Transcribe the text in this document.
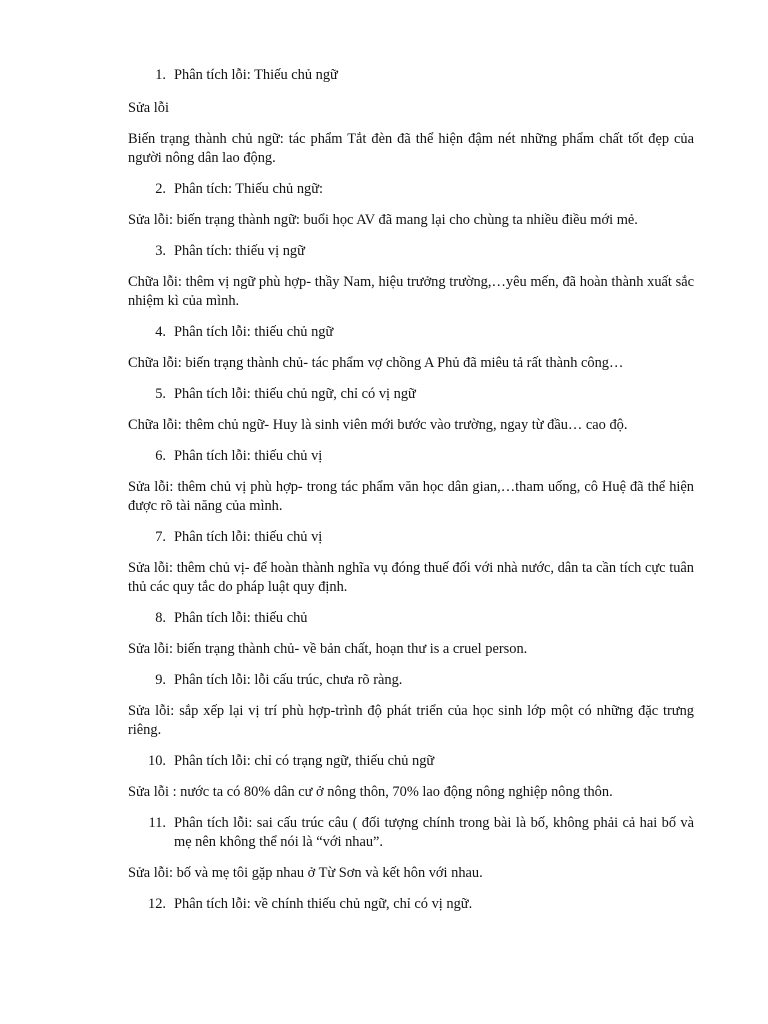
1. Phân tích lỗi: Thiếu chủ ngữ

Sửa lỗi

Biến trạng thành chủ ngữ: tác phẩm Tắt đèn đã thể hiện đậm nét những phẩm chất tốt đẹp của người nông dân lao động.

2. Phân tích: Thiếu chủ ngữ:

Sửa lỗi: biến trạng thành ngữ: buổi học AV đã mang lại cho chùng ta nhiều điều mới mẻ.

3. Phân tích: thiếu vị ngữ

Chữa lỗi: thêm vị ngữ phù hợp- thầy Nam, hiệu trưởng trường,…yêu mến, đã hoàn thành xuất sắc nhiệm kì của mình.

4. Phân tích lỗi: thiếu chủ ngữ

Chữa lỗi: biến trạng thành chủ- tác phẩm vợ chồng A Phủ đã miêu tả rất thành công…

5. Phân tích lỗi: thiếu chủ ngữ, chỉ có vị ngữ

Chữa lỗi: thêm chủ ngữ- Huy là sinh viên mới bước vào trường, ngay từ đầu… cao độ.

6. Phân tích lỗi: thiếu chủ vị

Sửa lỗi: thêm chủ vị phù hợp- trong tác phẩm văn học dân gian,…tham uống, cô Huệ đã thể hiện được rõ tài năng của mình.

7. Phân tích lỗi: thiếu chủ vị

Sửa lỗi: thêm chủ vị- để hoàn thành nghĩa vụ đóng thuế đối với nhà nước, dân ta cần tích cực tuân thủ các quy tắc do pháp luật quy định.

8. Phân tích lỗi: thiếu chủ

Sửa lỗi: biến trạng thành chủ- về bản chất, hoạn thư is a cruel person.

9. Phân tích lỗi: lỗi cấu trúc, chưa rõ ràng.

Sửa lỗi: sắp xếp lại vị trí phù hợp-trình độ phát triển của học sinh lớp một có những đặc trưng riêng.

10. Phân tích lỗi: chỉ có trạng ngữ, thiếu chủ ngữ

Sửa lỗi : nước ta có 80% dân cư ở nông thôn, 70% lao động nông nghiệp nông thôn.

11. Phân tích lỗi: sai cấu trúc câu ( đối tượng chính trong bài là bố, không phải cả hai bố và mẹ nên không thể nói là “với nhau”.

Sửa lỗi: bố và mẹ tôi gặp nhau ở Từ Sơn và kết hôn với nhau.

12. Phân tích lỗi: về chính thiếu chủ ngữ, chỉ có vị ngữ.
